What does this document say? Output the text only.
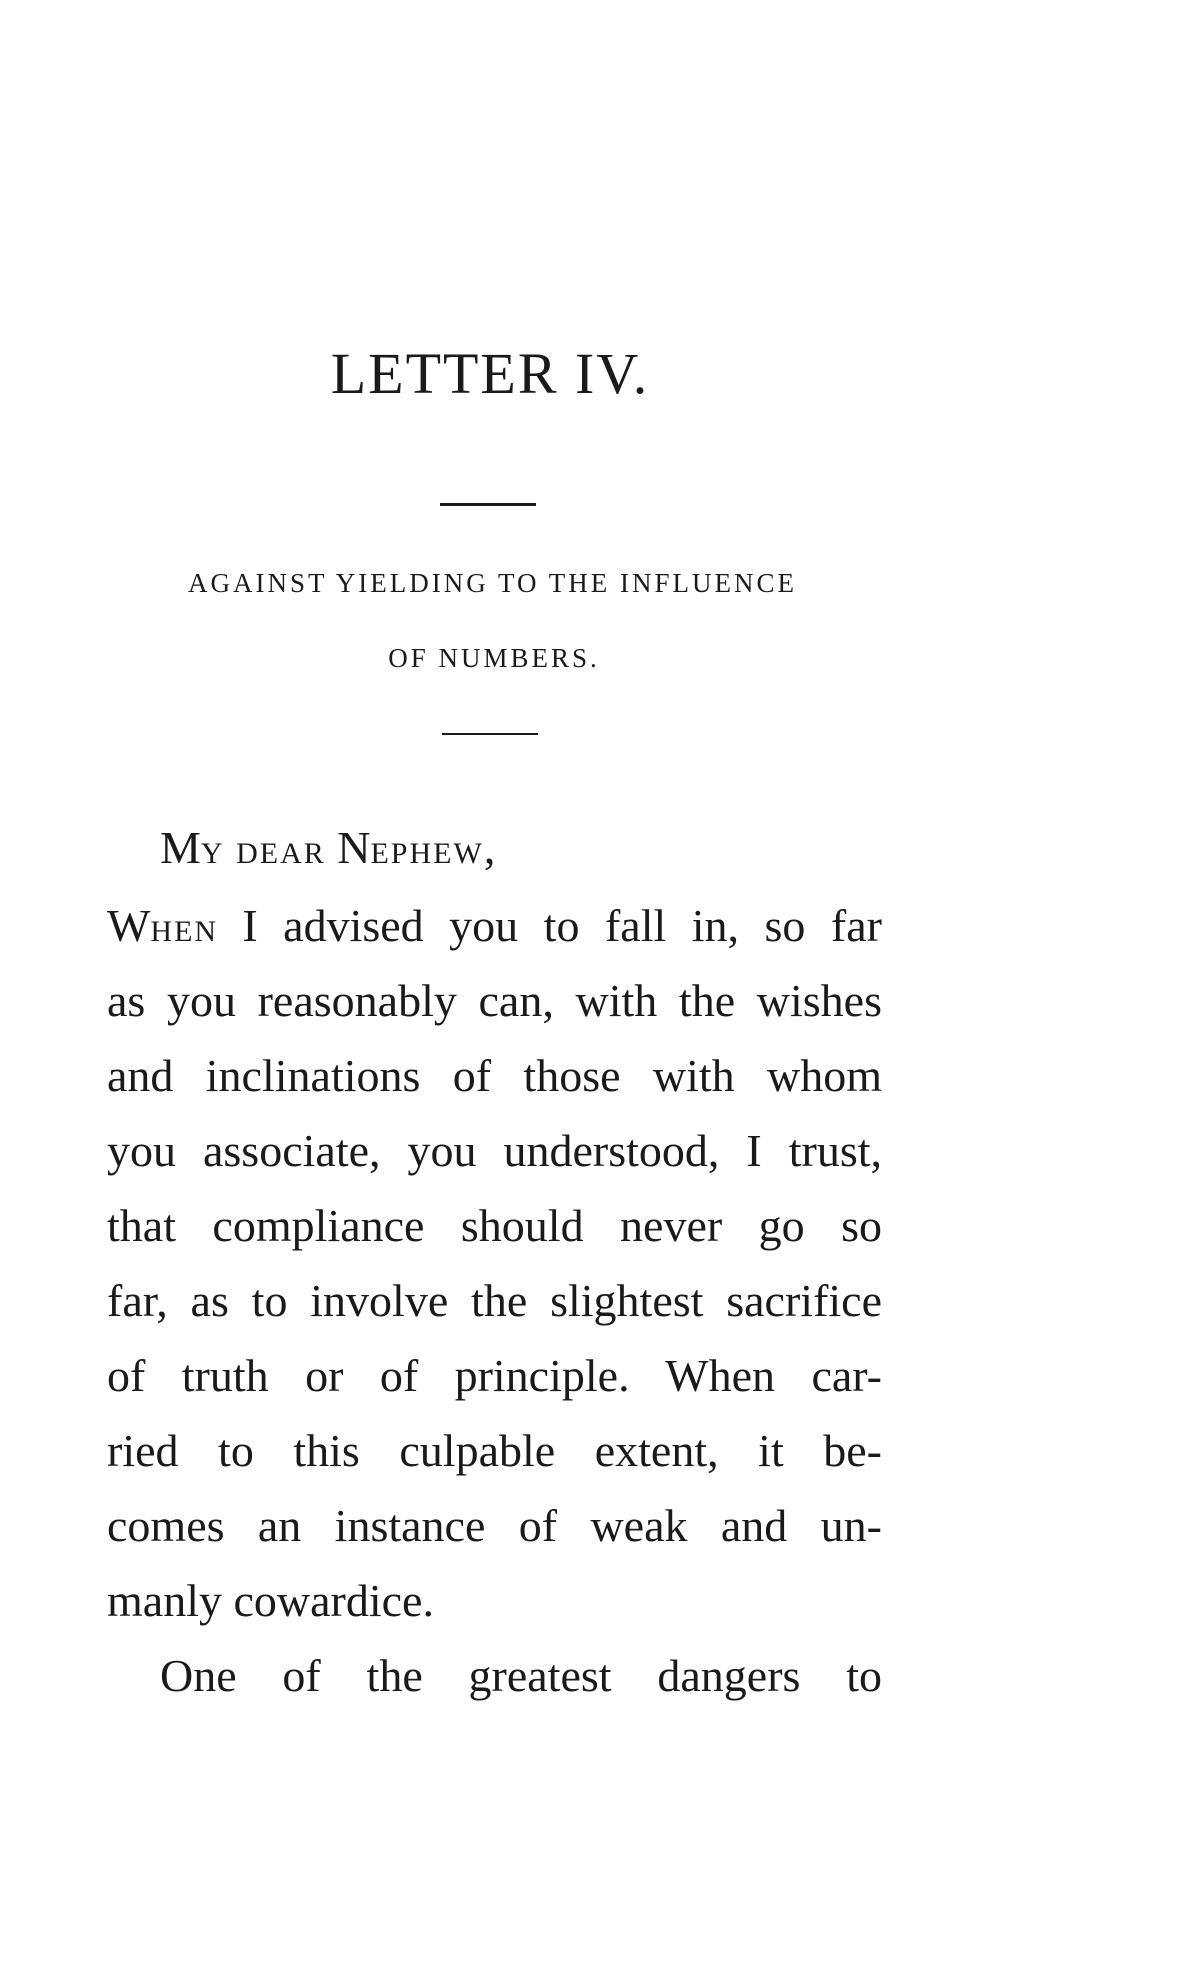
LETTER IV.
AGAINST YIELDING TO THE INFLUENCE
OF NUMBERS.
MY DEAR NEPHEW,
WHEN I advised you to fall in, so far
as you reasonably can, with the wishes
and inclinations of those with whom
you associate, you understood, I trust,
that compliance should never go so
far, as to involve the slightest sacrifice
of truth or of principle. When car-
ried to this culpable extent, it be-
comes an instance of weak and un-
manly cowardice.
One of the greatest dangers to
